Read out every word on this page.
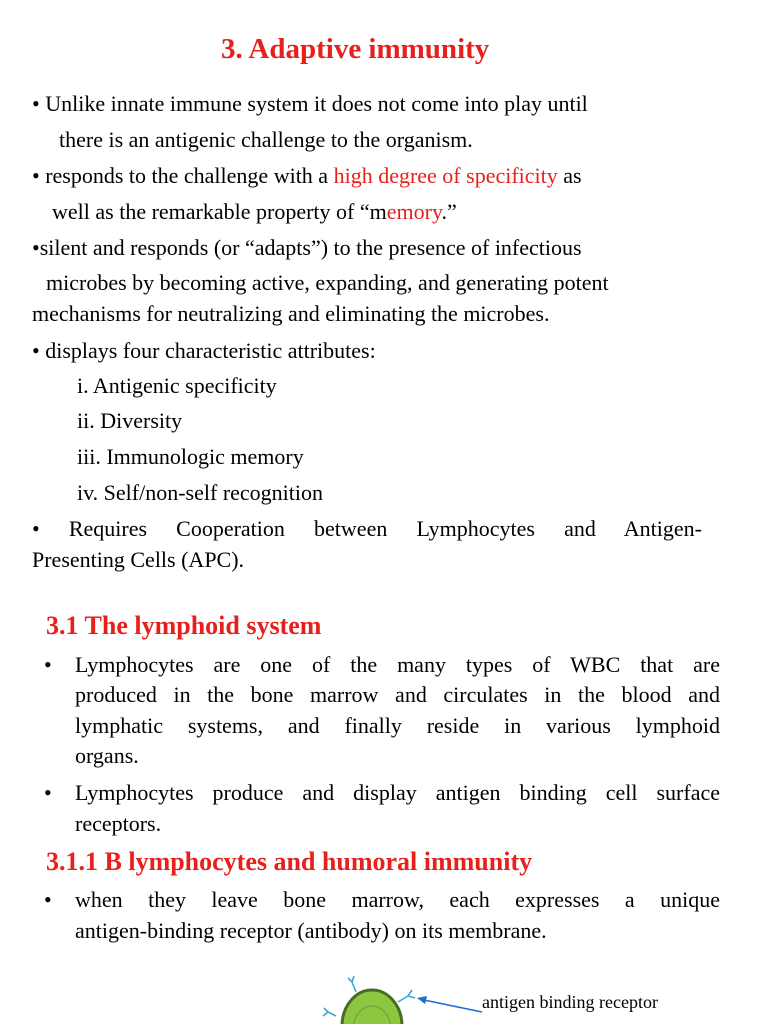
3. Adaptive immunity
• Unlike innate immune system it does not come into play until
there is an antigenic challenge to the organism.
• responds to the challenge with a high degree of specificity as
well as the remarkable property of “memory.”
•silent and responds (or “adapts”) to the presence of infectious
microbes by becoming active, expanding, and generating potent
mechanisms for neutralizing and eliminating the microbes.
• displays four characteristic attributes:
i. Antigenic specificity
ii. Diversity
iii. Immunologic memory
iv. Self/non-self recognition
• Requires Cooperation between Lymphocytes and Antigen-
Presenting Cells (APC).
3.1 The lymphoid system
• Lymphocytes are one of the many types of WBC that are
produced in the bone marrow and circulates in the blood and
lymphatic systems, and finally reside in various lymphoid
organs.
• Lymphocytes produce and display antigen binding cell surface
receptors.
3.1.1 B lymphocytes and humoral immunity
• when they leave bone marrow, each expresses a unique
antigen-binding receptor (antibody) on its membrane.
antigen binding receptor
